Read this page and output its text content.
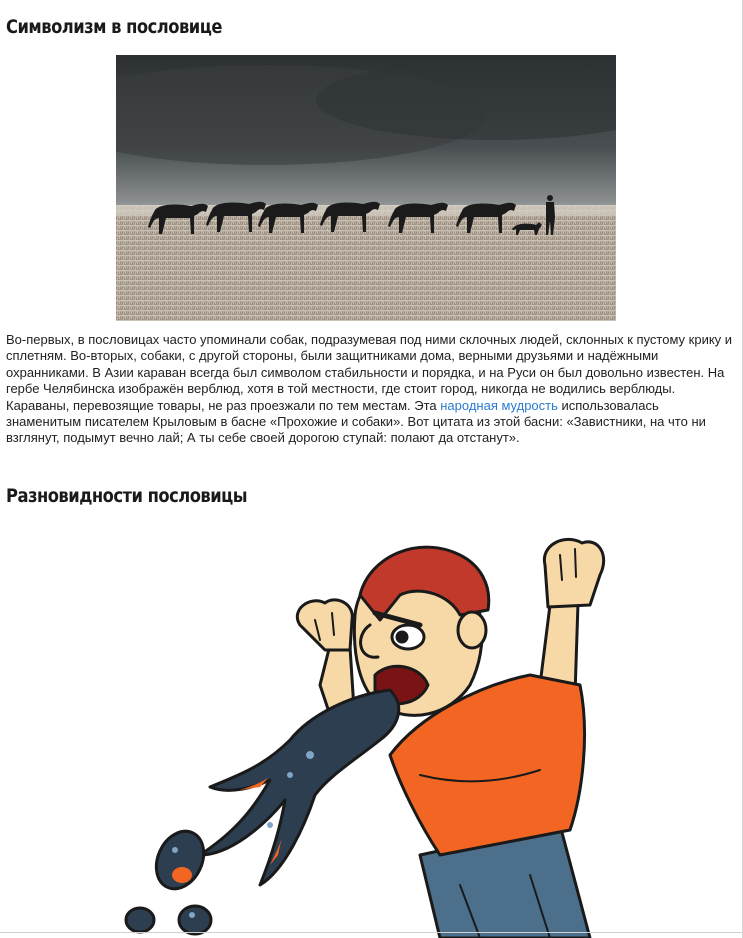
Символизм в пословице

Во-первых, в пословицах часто упоминали собак, подразумевая под ними склочных людей, склонных к пустому крику и сплетням. Во-вторых, собаки, с другой стороны, были защитниками дома, верными друзьями и надёжными охранниками. В Азии караван всегда был символом стабильности и порядка, и на Руси он был довольно известен. На гербе Челябинска изображён верблюд, хотя в той местности, где стоит город, никогда не водились верблюды. Караваны, перевозящие товары, не раз проезжали по тем местам. Эта народная мудрость использовалась знаменитым писателем Крыловым в басне «Прохожие и собаки». Вот цитата из этой басни: «Завистники, на что ни взглянут, подымут вечно лай; А ты себе своей дорогою ступай: полают да отстанут».

Разновидности пословицы
